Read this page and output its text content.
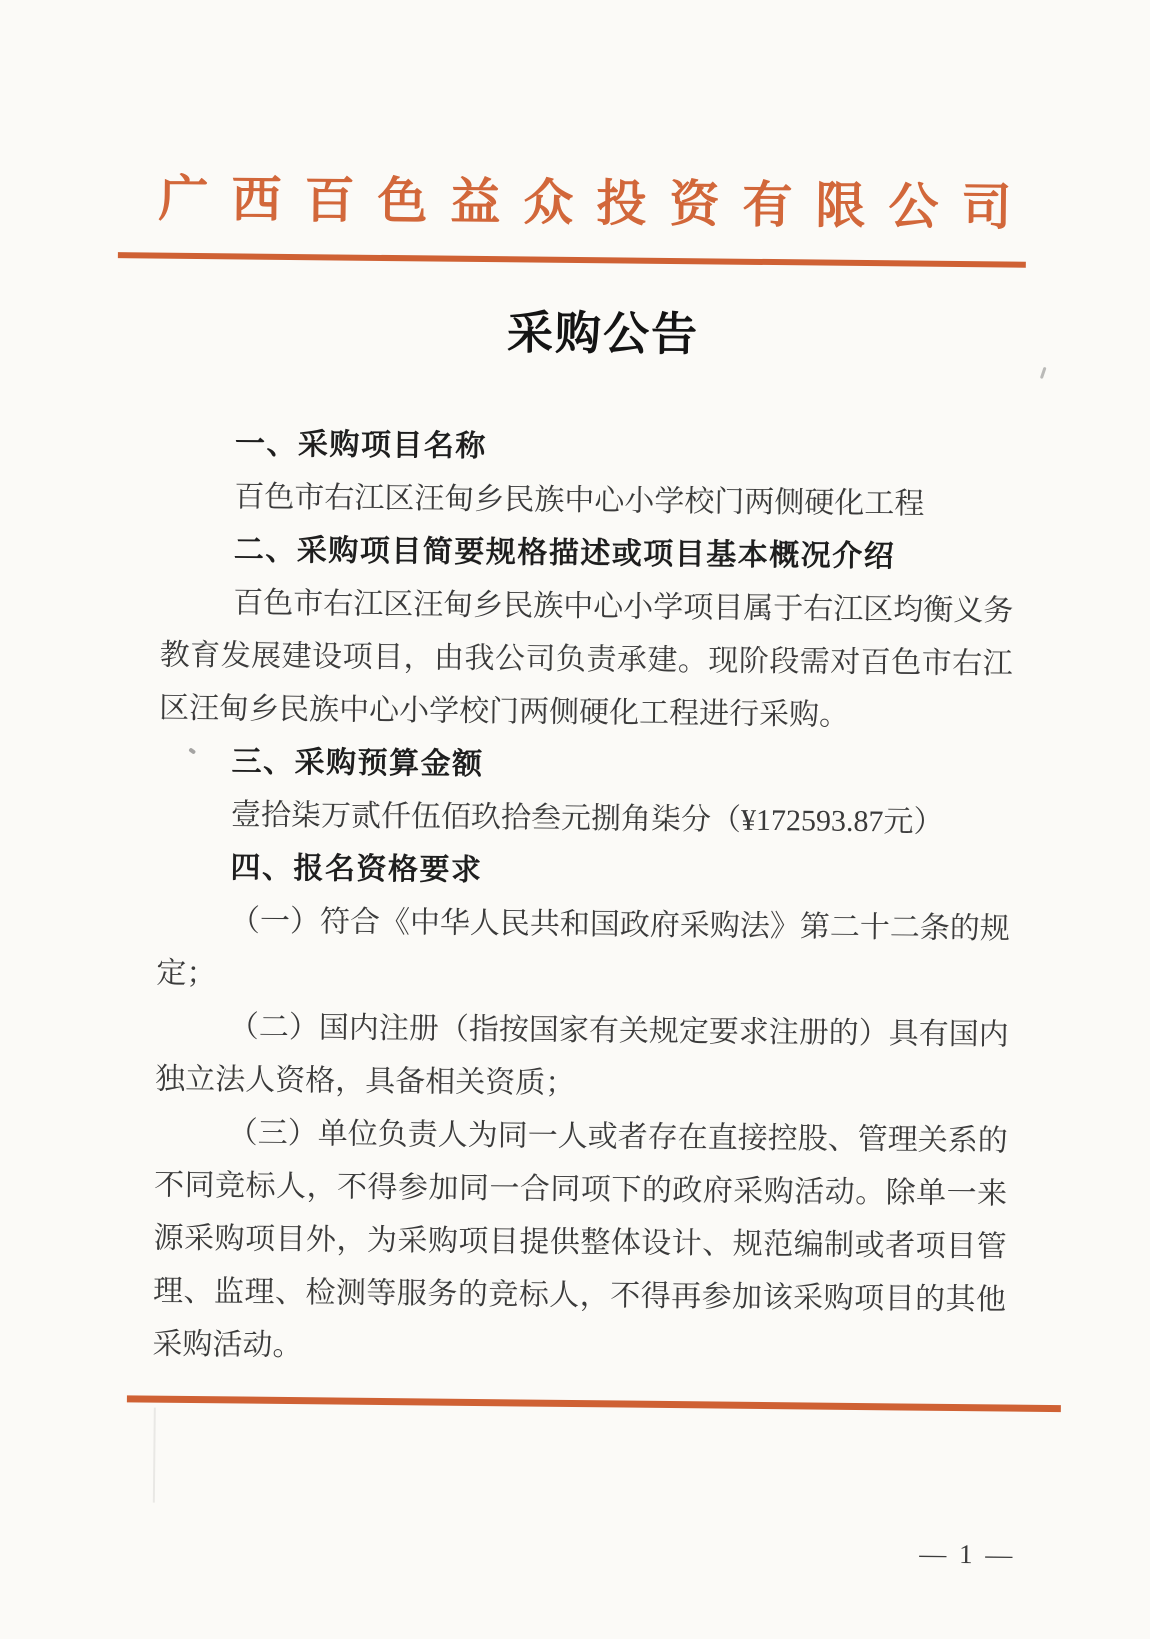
广西百色益众投资有限公司
采购公告
一、采购项目名称

百色市右江区汪甸乡民族中心小学校门两侧硬化工程

二、采购项目简要规格描述或项目基本概况介绍

百色市右江区汪甸乡民族中心小学项目属于右江区均衡义务教育发展建设项目，由我公司负责承建。现阶段需对百色市右江区汪甸乡民族中心小学校门两侧硬化工程进行采购。

三、采购预算金额

壹拾柒万贰仟伍佰玖拾叁元捌角柒分（¥172593.87元）

四、报名资格要求

（一）符合《中华人民共和国政府采购法》第二十二条的规定；

（二）国内注册（指按国家有关规定要求注册的）具有国内独立法人资格，具备相关资质；

（三）单位负责人为同一人或者存在直接控股、管理关系的不同竞标人，不得参加同一合同项下的政府采购活动。除单一来源采购项目外，为采购项目提供整体设计、规范编制或者项目管理、监理、检测等服务的竞标人，不得再参加该采购项目的其他采购活动。

— 1 —
